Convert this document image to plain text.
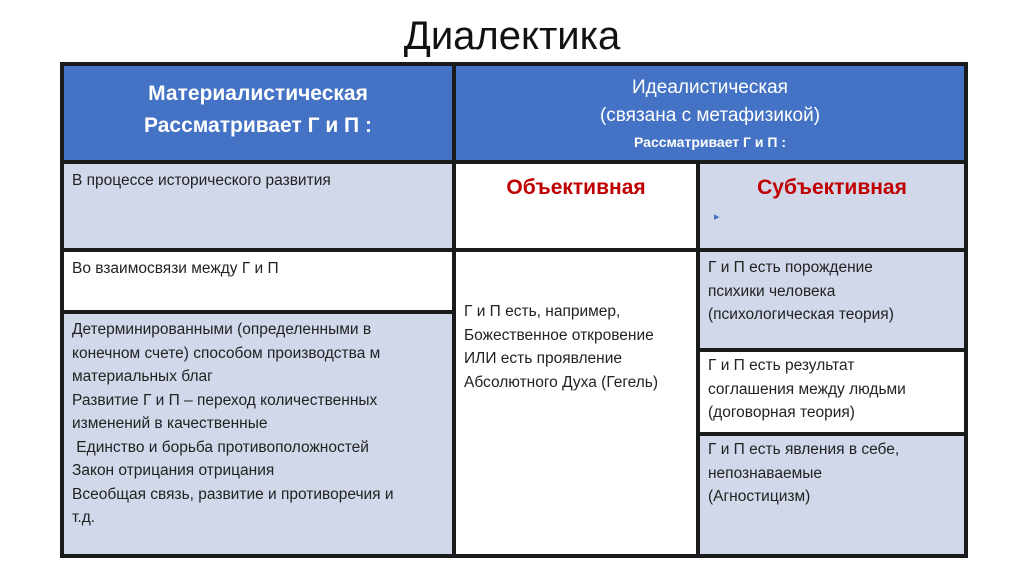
Диалектика
Материалистическая
Рассматривает Г и П :
Идеалистическая
(связана с метафизикой)
Рассматривает Г и П :
В процессе исторического развития
Во взаимосвязи между Г и П
Детерминированными (определенными в
конечном счете) способом производства м
материальных благ
Развитие Г и П – переход количественных
изменений в качественные
Единство и борьба противоположностей
Закон отрицания отрицания
Всеобщая связь, развитие и противоречия и
т.д.
Объективная	Субъективная
▸
Г и П есть, например,
Божественное откровение
ИЛИ есть проявление
Абсолютного Духа (Гегель)
Г и П есть порождение
психики человека
(психологическая теория)
Г и П есть результат
соглашения между людьми
(договорная теория)
Г и П есть явления в себе,
непознаваемые
(Агностицизм)
